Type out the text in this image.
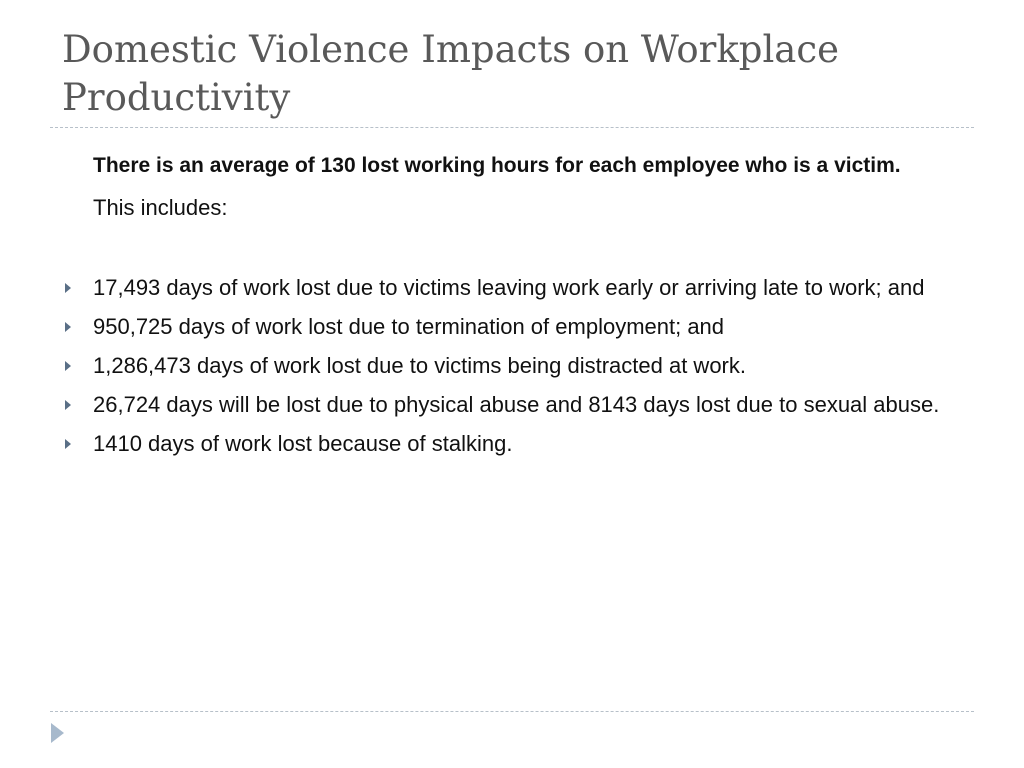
Domestic Violence Impacts on Workplace Productivity

There is an average of 130 lost working hours for each employee who is a victim.

This includes:

17,493 days of work lost due to victims leaving work early or arriving late to work; and
950,725 days of work lost due to termination of employment; and
1,286,473 days of work lost due to victims being distracted at work.
26,724 days will be lost due to physical abuse and 8143 days lost due to sexual abuse.
1410 days of work lost because of stalking.
